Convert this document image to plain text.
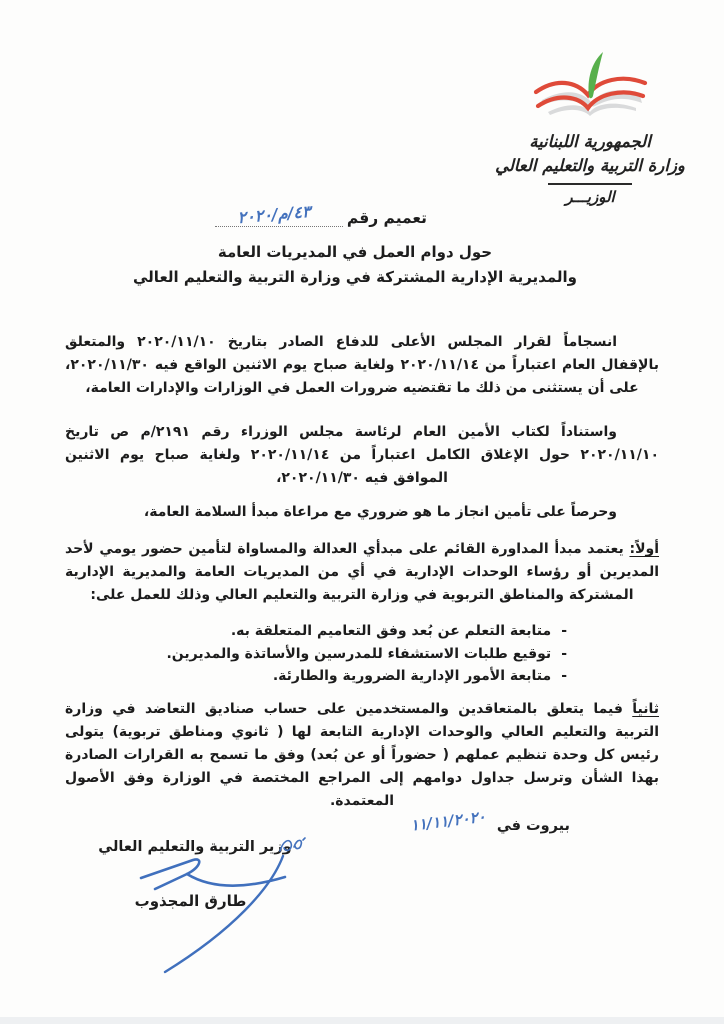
الجمهورية اللبنانية
وزارة التربية والتعليم العالي
الوزيـــر
تعميم رقم
٤٣/م/٢٠٢٠
حول دوام العمل في المديريات العامة
والمديرية الإدارية المشتركة في وزارة التربية والتعليم العالي

انسجاماً لقرار المجلس الأعلى للدفاع الصادر بتاريخ ٢٠٢٠/١١/١٠ والمتعلق بالإقفال العام اعتباراً من ٢٠٢٠/١١/١٤ ولغاية صباح يوم الاثنين الواقع فيه ٢٠٢٠/١١/٣٠، على أن يستثنى من ذلك ما تقتضيه ضرورات العمل في الوزارات والإدارات العامة،

واستناداً لكتاب الأمين العام لرئاسة مجلس الوزراء رقم ٢١٩١/م ص تاريخ ٢٠٢٠/١١/١٠ حول الإغلاق الكامل اعتباراً من ٢٠٢٠/١١/١٤ ولغاية صباح يوم الاثنين الموافق فيه ٢٠٢٠/١١/٣٠،

وحرصاً على تأمين انجاز ما هو ضروري مع مراعاة مبدأ السلامة العامة،

أولاً: يعتمد مبدأ المداورة القائم على مبدأي العدالة والمساواة لتأمين حضور يومي لأحد المديرين أو رؤساء الوحدات الإدارية في أي من المديريات العامة والمديرية الإدارية المشتركة والمناطق التربوية في وزارة التربية والتعليم العالي وذلك للعمل على:

-
متابعة التعلم عن بُعد وفق التعاميم المتعلقة به.
-
توقيع طلبات الاستشفاء للمدرسين والأساتذة والمديرين.
-
متابعة الأمور الإدارية الضرورية والطارئة.

ثانياً فيما يتعلق بالمتعاقدين والمستخدمين على حساب صناديق التعاضد في وزارة التربية والتعليم العالي والوحدات الإدارية التابعة لها ( ثانوي ومناطق تربوية) يتولى رئيس كل وحدة تنظيم عملهم ( حضوراً أو عن بُعد) وفق ما تسمح به القرارات الصادرة بهذا الشأن وترسل جداول دوامهم إلى المراجع المختصة في الوزارة وفق الأصول المعتمدة.

بيروت في
١١/١١/٢٠٢٠
وزير التربية والتعليم العالي
طارق المجذوب
